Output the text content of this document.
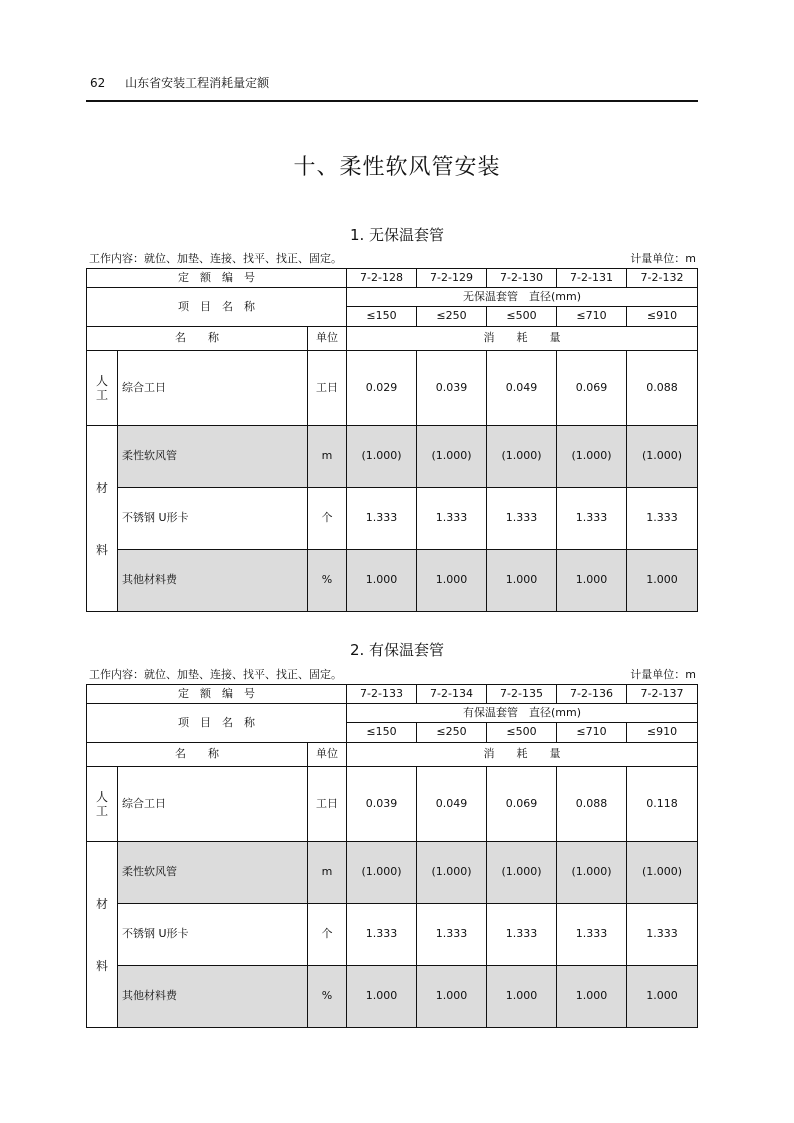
62 山东省安装工程消耗量定额
十、柔性软风管安装
1. 无保温套管
工作内容：就位、加垫、连接、找平、找正、固定。	计量单位：m
定　额　编　号			7-2-128	7-2-129	7-2-130	7-2-131	7-2-132
项　目　名　称			无保温套管　直径(mm)				
			≤150	≤250	≤500	≤710	≤910
名　　称		单位	消　　耗　　量				
人工	综合工日	工日	0.029	0.039	0.049	0.069	0.088
材料	柔性软风管	m	(1.000)	(1.000)	(1.000)	(1.000)	(1.000)
	不锈钢 U形卡	个	1.333	1.333	1.333	1.333	1.333
	其他材料费	%	1.000	1.000	1.000	1.000	1.000
2. 有保温套管
工作内容：就位、加垫、连接、找平、找正、固定。	计量单位：m
定　额　编　号			7-2-133	7-2-134	7-2-135	7-2-136	7-2-137
项　目　名　称			有保温套管　直径(mm)				
			≤150	≤250	≤500	≤710	≤910
名　　称		单位	消　　耗　　量				
人工	综合工日	工日	0.039	0.049	0.069	0.088	0.118
材料	柔性软风管	m	(1.000)	(1.000)	(1.000)	(1.000)	(1.000)
	不锈钢 U形卡	个	1.333	1.333	1.333	1.333	1.333
	其他材料费	%	1.000	1.000	1.000	1.000	1.000
